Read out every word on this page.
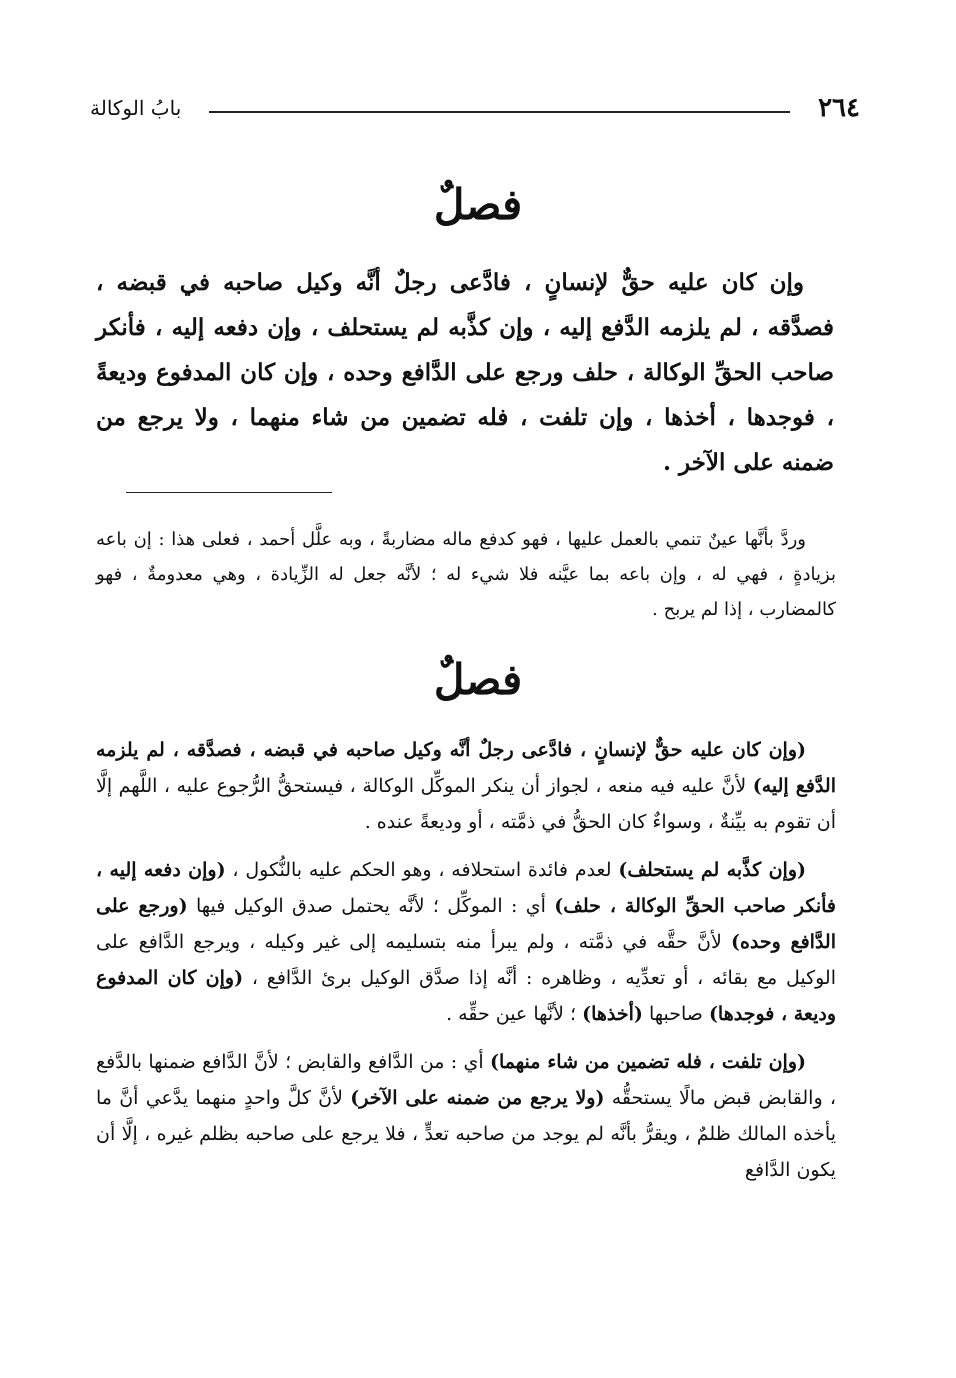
٢٦٤
بابُ الوكالة
فصلٌ

وإن كان عليه حقٌّ لإنسانٍ ، فادَّعى رجلٌ أنَّه وكيل صاحبه في قبضه ، فصدَّقه ، لم يلزمه الدَّفع إليه ، وإن كذَّبه لم يستحلف ، وإن دفعه إليه ، فأنكر صاحب الحقِّ الوكالة ، حلف ورجع على الدَّافع وحده ، وإن كان المدفوع وديعةً ، فوجدها ، أخذها ، وإن تلفت ، فله تضمين من شاء منهما ، ولا يرجع من ضمنه على الآخر .

وردَّ بأنَّها عينٌ تنمي بالعمل عليها ، فهو كدفع ماله مضاربةً ، وبه علَّل أحمد ، فعلى هذا : إن باعه بزيادةٍ ، فهي له ، وإن باعه بما عيَّنه فلا شيء له ؛ لأنَّه جعل له الزِّيادة ، وهي معدومةٌ ، فهو كالمضارب ، إذا لم يربح .

فصلٌ

(وإن كان عليه حقٌّ لإنسانٍ ، فادَّعى رجلٌ أنَّه وكيل صاحبه في قبضه ، فصدَّقه ، لم يلزمه الدَّفع إليه) لأنَّ عليه فيه منعه ، لجواز أن ينكر الموكِّل الوكالة ، فيستحقُّ الرُّجوع عليه ، اللَّهم إلَّا أن تقوم به بيِّنةٌ ، وسواءٌ كان الحقُّ في ذمَّته ، أو وديعةً عنده .

(وإن كذَّبه لم يستحلف) لعدم فائدة استحلافه ، وهو الحكم عليه بالنُّكول ، (وإن دفعه إليه ، فأنكر صاحب الحقِّ الوكالة ، حلف) أي : الموكِّل ؛ لأنَّه يحتمل صدق الوكيل فيها (ورجع على الدَّافع وحده) لأنَّ حقَّه في ذمَّته ، ولم يبرأ منه بتسليمه إلى غير وكيله ، ويرجع الدَّافع على الوكيل مع بقائه ، أو تعدِّيه ، وظاهره : أنَّه إذا صدَّق الوكيل برئ الدَّافع ، (وإن كان المدفوع وديعة ، فوجدها) صاحبها (أخذها) ؛ لأنَّها عين حقِّه .

(وإن تلفت ، فله تضمين من شاء منهما) أي : من الدَّافع والقابض ؛ لأنَّ الدَّافع ضمنها بالدَّفع ، والقابض قبض مالًا يستحقُّه (ولا يرجع من ضمنه على الآخر) لأنَّ كلَّ واحدٍ منهما يدَّعي أنَّ ما يأخذه المالك ظلمٌ ، ويقرُّ بأنَّه لم يوجد من صاحبه تعدٍّ ، فلا يرجع على صاحبه بظلم غيره ، إلَّا أن يكون الدَّافع
